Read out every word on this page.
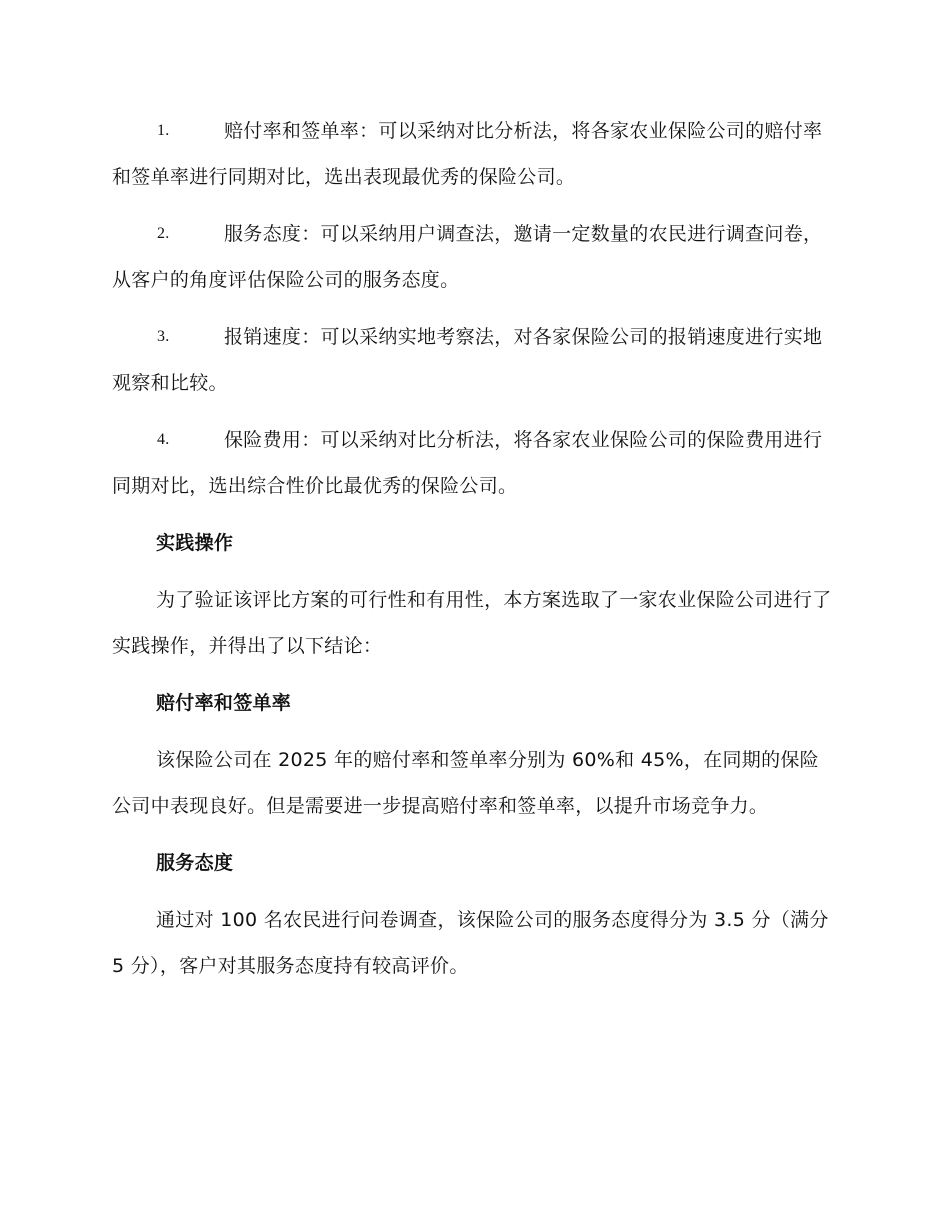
1.	赔付率和签单率：可以采纳对比分析法，将各家农业保险公司的赔付率和签单率进行同期对比，选出表现最优秀的保险公司。
2.	服务态度：可以采纳用户调查法，邀请一定数量的农民进行调查问卷，从客户的角度评估保险公司的服务态度。
3.	报销速度：可以采纳实地考察法，对各家保险公司的报销速度进行实地观察和比较。
4.	保险费用：可以采纳对比分析法，将各家农业保险公司的保险费用进行同期对比，选出综合性价比最优秀的保险公司。
实践操作
为了验证该评比方案的可行性和有用性，本方案选取了一家农业保险公司进行了实践操作，并得出了以下结论：
赔付率和签单率
该保险公司在 2025 年的赔付率和签单率分别为 60%和 45%，在同期的保险公司中表现良好。但是需要进一步提高赔付率和签单率，以提升市场竞争力。
服务态度
通过对 100 名农民进行问卷调查，该保险公司的服务态度得分为 3.5 分（满分 5 分），客户对其服务态度持有较高评价。
